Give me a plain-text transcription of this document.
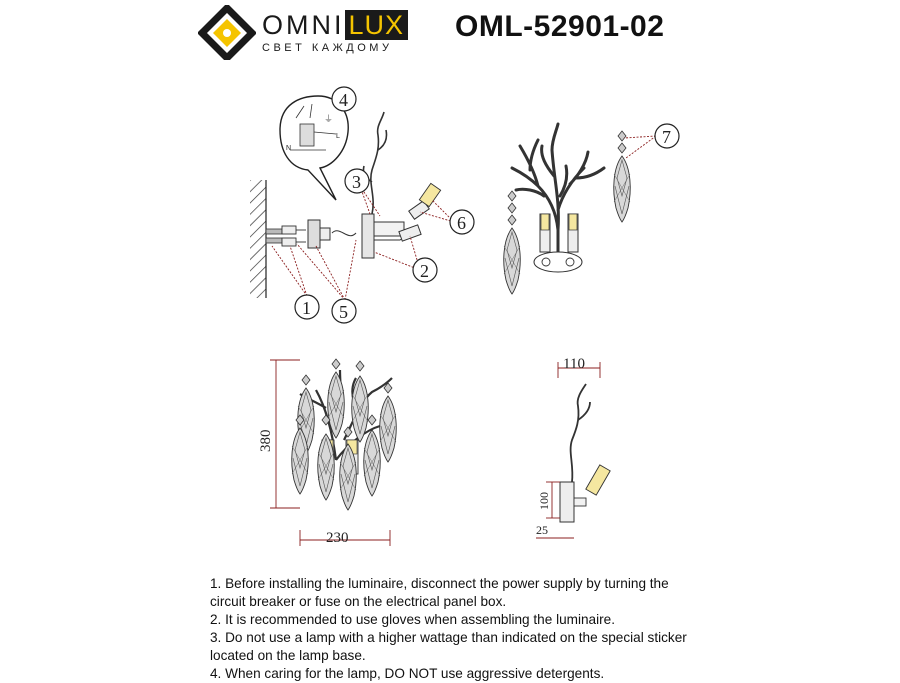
OMNI LUX
СВЕТ КАЖДОМУ
OML-52901-02
N
⏚
L
380
230
110
100
25
1
2
3
4
5
6
7

1. Before installing the luminaire, disconnect the power supply by turning the circuit breaker or fuse on the electrical panel box.

2. It is recommended to use gloves when assembling the luminaire.

3. Do not use a lamp with a higher wattage than indicated on the special sticker located on the lamp base.

4. When caring for the lamp, DO NOT use aggressive detergents.
